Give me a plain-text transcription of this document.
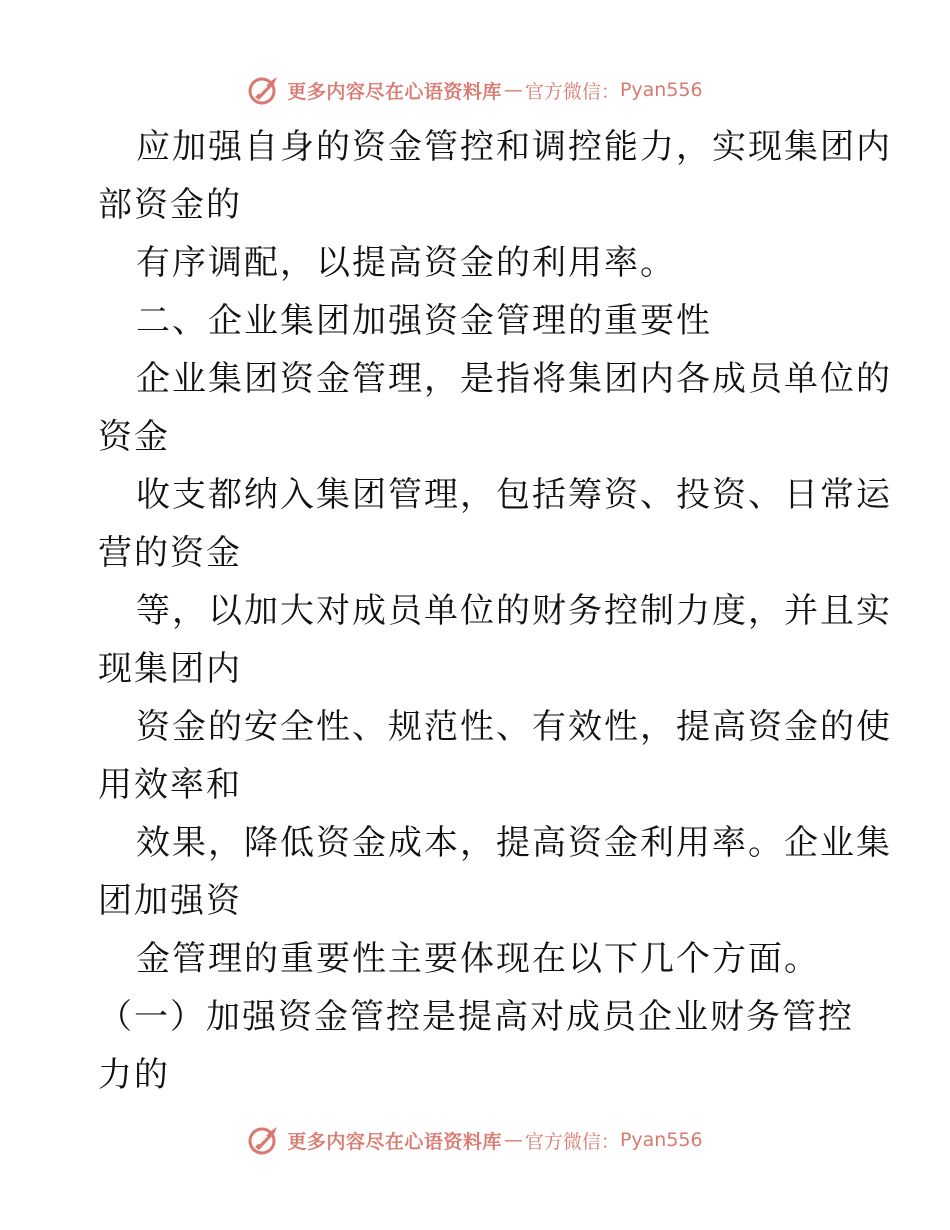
更多内容尽在心语资料库 — 官方微信： Pyan556
应加强自身的资金管控和调控能力，实现集团内
部资金的
有序调配，以提高资金的利用率。
二、企业集团加强资金管理的重要性
企业集团资金管理，是指将集团内各成员单位的
资金
收支都纳入集团管理，包括筹资、投资、日常运
营的资金
等，以加大对成员单位的财务控制力度，并且实
现集团内
资金的安全性、规范性、有效性，提高资金的使
用效率和
效果，降低资金成本，提高资金利用率。企业集
团加强资
金管理的重要性主要体现在以下几个方面。
（一）加强资金管控是提高对成员企业财务管控
力的
更多内容尽在心语资料库 — 官方微信： Pyan556
